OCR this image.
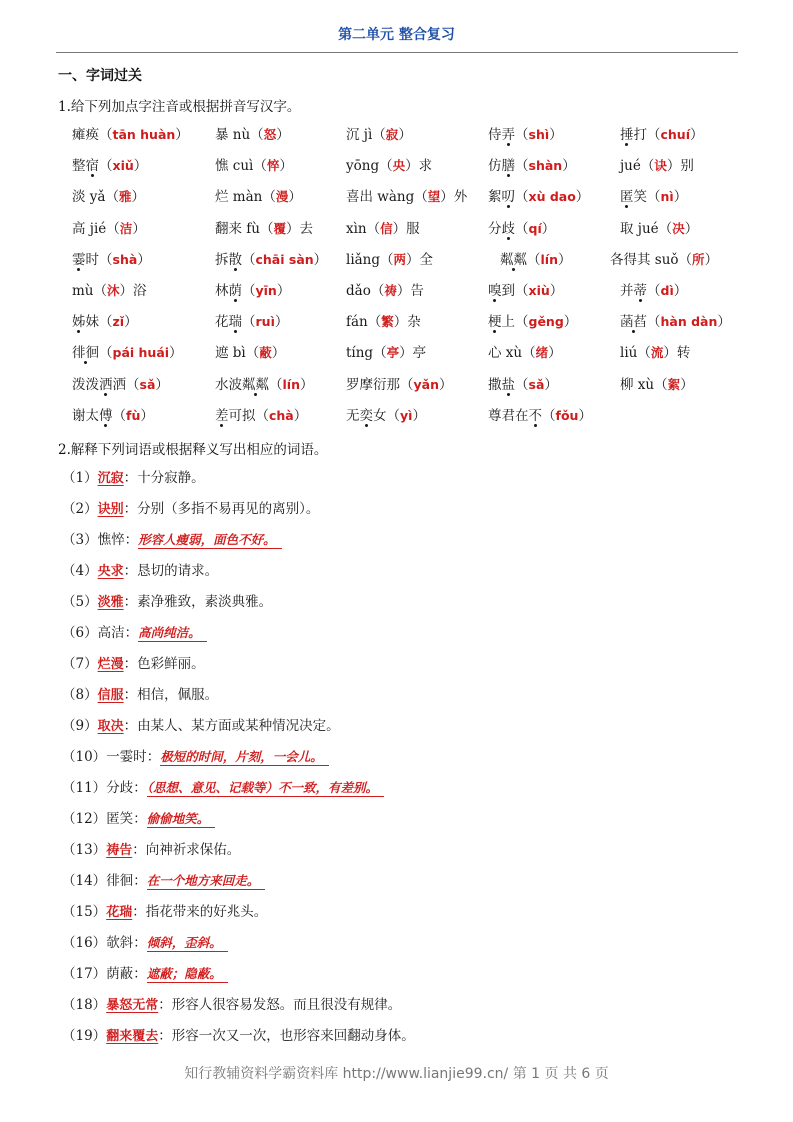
第二单元 整合复习
一、字词过关
1.给下列加点字注音或根据拼音写汉字。
瘫痪（tān huàn） 暴 nù（怒）	沉 jì（寂）	侍弄（shì）	捶打（chuí）
整宿（xiǔ）	憔 cuì（悴）	yōng（央）求	仿膳（shàn）	jué（诀）别
淡 yǎ（雅）	烂 màn（漫）	喜出 wàng（望）外 絮叨（xù dao） 匿笑（nì）
高 jié（洁）	翻来 fù（覆）去 xìn（信）服	分歧（qí）	取 jué（决）
霎时（shà）	拆散（chāi sàn） liǎng（两）全	粼粼（lín）	各得其 suǒ（所）
mù（沐）浴	林荫（yīn）	dǎo（祷）告	嗅到（xiù）	并蒂（dì）
姊妹（zǐ）	花瑞（ruì）	fán（繁）杂	梗上（gěng）	菡萏（hàn dàn）
徘徊（pái huái） 遮 bì（蔽）	tíng（亭）亭	心 xù（绪）	liú（流）转
泼泼洒洒（sǎ）	水波粼粼（lín） 罗摩衍那（yǎn）	撒盐（sǎ）	柳 xù（絮）
谢太傅（fù）	差可拟（chà）	无奕女（yì）	尊君在不（fǒu）
2.解释下列词语或根据释义写出相应的词语。
（1）沉寂：十分寂静。
（2）诀别：分别（多指不易再见的离别）。
（3）憔悴：形容人瘦弱，面色不好。
（4）央求：恳切的请求。
（5）淡雅：素净雅致，素淡典雅。
（6）高洁：高尚纯洁。
（7）烂漫：色彩鲜丽。
（8）信服：相信，佩服。
（9）取决：由某人、某方面或某种情况决定。
（10）一霎时：极短的时间，片刻，一会儿。
（11）分歧：（思想、意见、记载等）不一致，有差别。
（12）匿笑：偷偷地笑。
（13）祷告：向神祈求保佑。
（14）徘徊：在一个地方来回走。
（15）花瑞：指花带来的好兆头。
（16）欹斜：倾斜，歪斜。
（17）荫蔽：遮蔽；隐蔽。
（18）暴怒无常：形容人很容易发怒。而且很没有规律。
（19）翻来覆去：形容一次又一次，也形容来回翻动身体。
知行教辅资料学霸资料库 http://www.lianjie99.cn/ 第 1 页 共 6 页
